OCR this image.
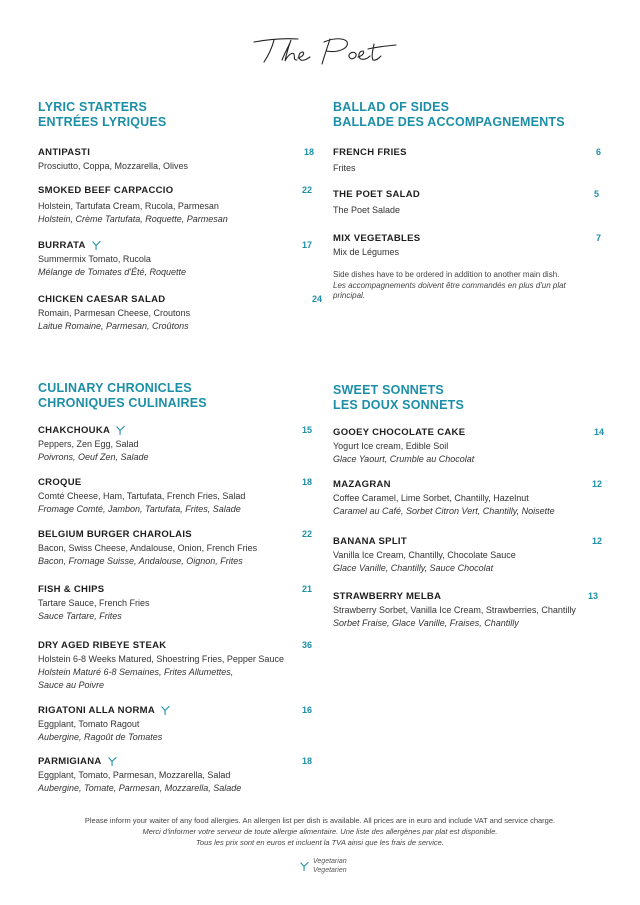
LYRIC STARTERS
ENTRÉES LYRIQUES
ANTIPASTI	18
Prosciutto, Coppa, Mozzarella, Olives
SMOKED BEEF CARPACCIO	22
Holstein, Tartufata Cream, Rucola, Parmesan
Holstein, Crème Tartufata, Roquette, Parmesan
BURRATA	17
Summermix Tomato, Rucola
Mélange de Tomates d'Été, Roquette
CHICKEN CAESAR SALAD	24
Romain, Parmesan Cheese, Croutons
Laitue Romaine, Parmesan, Croûtons
BALLAD OF SIDES
BALLADE DES ACCOMPAGNEMENTS
FRENCH FRIES	6
Frites
THE POET SALAD	5
The Poet Salade
MIX VEGETABLES	7
Mix de Légumes
Side dishes have to be ordered in addition to another main dish.
Les accompagnements doivent être commandés en plus d'un plat principal.
CULINARY CHRONICLES
CHRONIQUES CULINAIRES
CHAKCHOUKA	15
Peppers, Zen Egg, Salad
Poivrons, Oeuf Zen, Salade
CROQUE	18
Comté Cheese, Ham, Tartufata, French Fries, Salad
Fromage Comté, Jambon, Tartufata, Frites, Salade
BELGIUM BURGER CHAROLAIS	22
Bacon, Swiss Cheese, Andalouse, Onion, French Fries
Bacon, Fromage Suisse, Andalouse, Oignon, Frites
FISH & CHIPS	21
Tartare Sauce, French Fries
Sauce Tartare, Frites
DRY AGED RIBEYE STEAK	36
Holstein 6-8 Weeks Matured, Shoestring Fries, Pepper Sauce
Holstein Maturé 6-8 Semaines, Frites Allumettes,
Sauce au Poivre
RIGATONI ALLA NORMA	16
Eggplant, Tomato Ragout
Aubergine, Ragoût de Tomates
PARMIGIANA	18
Eggplant, Tomato, Parmesan, Mozzarella, Salad
Aubergine, Tomate, Parmesan, Mozzarella, Salade
SWEET SONNETS
LES DOUX SONNETS
GOOEY CHOCOLATE CAKE	14
Yogurt Ice cream, Edible Soil
Glace Yaourt, Crumble au Chocolat
MAZAGRAN	12
Coffee Caramel, Lime Sorbet, Chantilly, Hazelnut
Caramel au Café, Sorbet Citron Vert, Chantilly, Noisette
BANANA SPLIT	12
Vanilla Ice Cream, Chantilly, Chocolate Sauce
Glace Vanille, Chantilly, Sauce Chocolat
STRAWBERRY MELBA	13
Strawberry Sorbet, Vanilla Ice Cream, Strawberries, Chantilly
Sorbet Fraise, Glace Vanille, Fraises, Chantilly
Please inform your waiter of any food allergies. An allergen list per dish is available. All prices are in euro and include VAT and service charge.
Merci d'informer votre serveur de toute allergie alimentaire. Une liste des allergènes par plat est disponible.
Tous les prix sont en euros et incluent la TVA ainsi que les frais de service.
Vegetarian
Vegetarien
